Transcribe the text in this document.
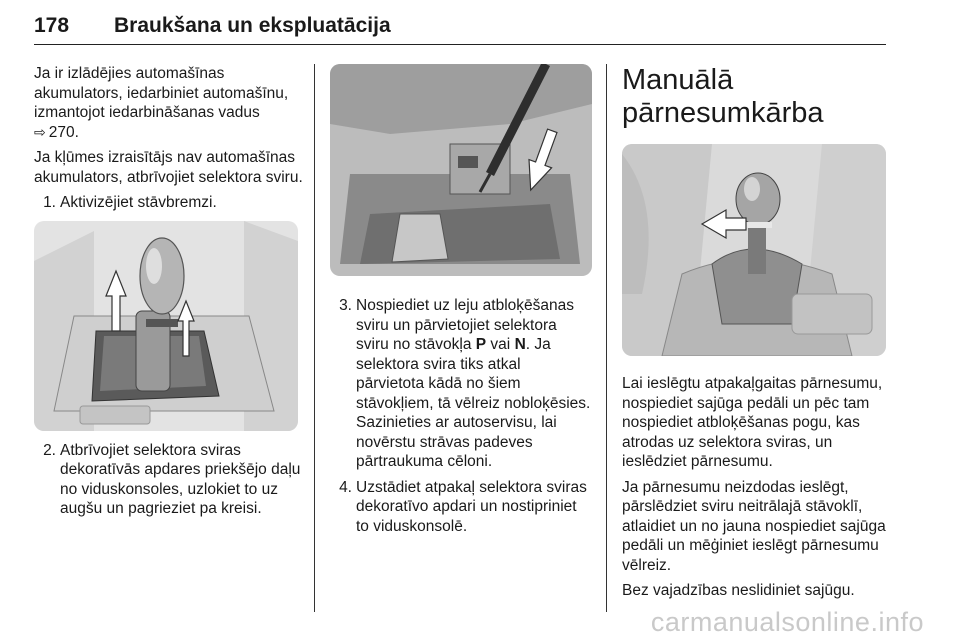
178 Braukšana un ekspluatācija

Ja ir izlādējies automašīnas akumulators, iedarbiniet automašīnu, izmantojot iedarbināšanas vadus
⇨ 270.

Ja kļūmes izraisītājs nav automašīnas akumulators, atbrīvojiet selektora sviru.

1. Aktivizējiet stāvbremzi.
2. Atbrīvojiet selektora sviras dekoratīvās apdares priekšējo daļu no viduskonsoles, uzlokiet to uz augšu un pagrieziet pa kreisi.
3. Nospiediet uz leju atbloķēšanas sviru un pārvietojiet selektora sviru no stāvokļa P vai N. Ja selektora svira tiks atkal pārvietota kādā no šiem stāvokļiem, tā vēlreiz nobloķēsies. Sazinieties ar autoservisu, lai novērstu strāvas padeves pārtraukuma cēloni.
4. Uzstādiet atpakaļ selektora sviras dekoratīvo apdari un nostipriniet to viduskonsolē.
Manuālā pārnesumkārba

Lai ieslēgtu atpakaļgaitas pārnesumu, nospiediet sajūga pedāli un pēc tam nospiediet atbloķēšanas pogu, kas atrodas uz selektora sviras, un ieslēdziet pārnesumu.

Ja pārnesumu neizdodas ieslēgt, pārslēdziet sviru neitrālajā stāvoklī, atlaidiet un no jauna nospiediet sajūga pedāli un mēģiniet ieslēgt pārnesumu vēlreiz.

Bez vajadzības neslidiniet sajūgu.

carmanualsonline.info
